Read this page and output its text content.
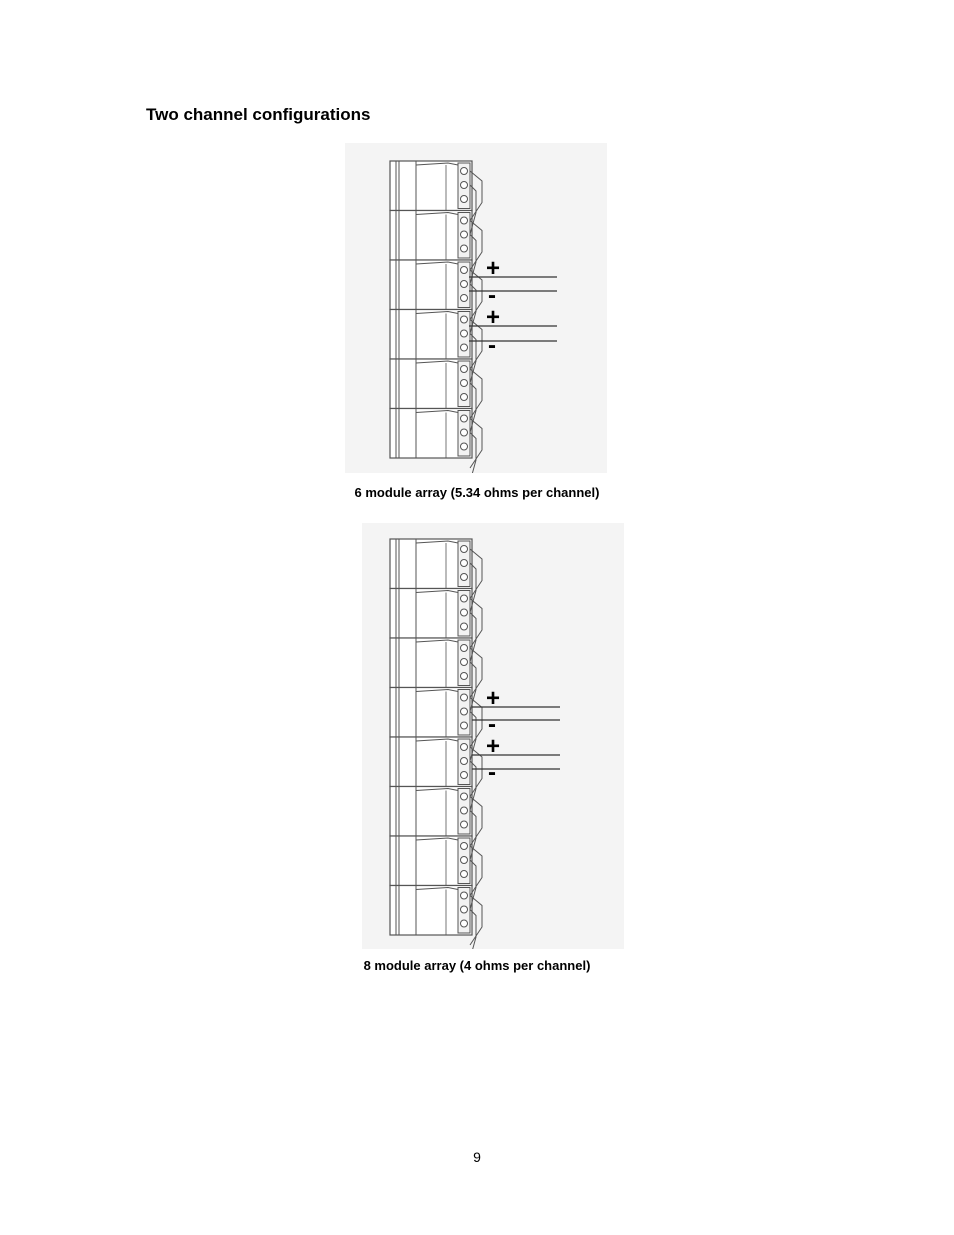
Two channel configurations
+
-
+
-
6 module array (5.34 ohms per channel)
+
-
+
-
8 module array (4 ohms per channel)
9
